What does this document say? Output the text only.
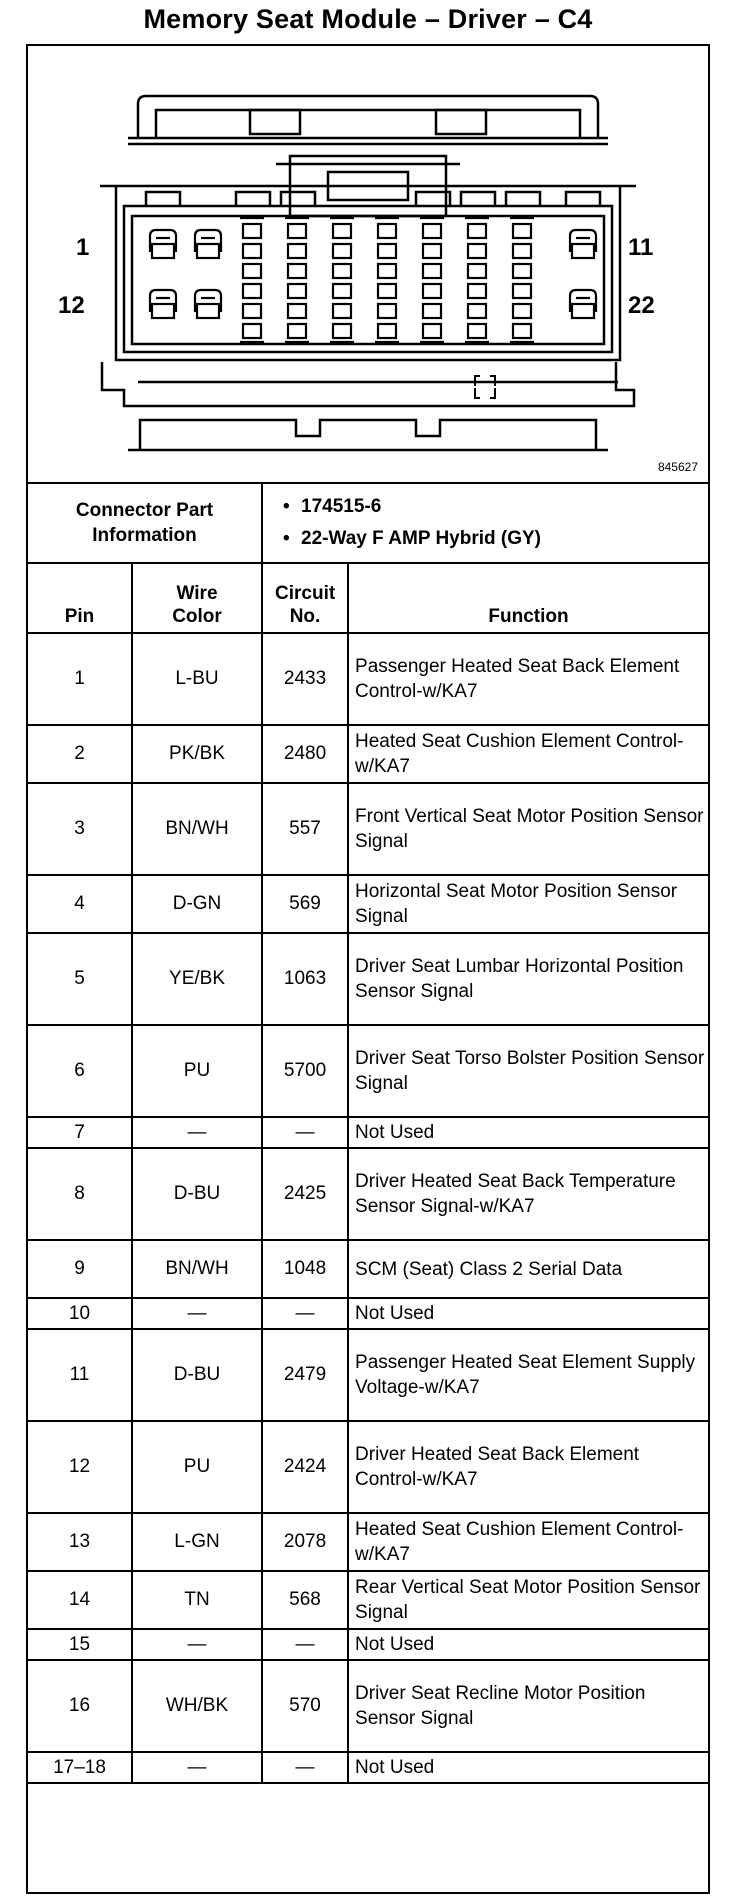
Memory Seat Module – Driver – C4
1
12
11
22
845627
Connector Part Information		• 174515-6
• 22-Way F AMP Hybrid (GY)

Pin	Wire Color	Circuit No.	Function
1	L-BU	2433	Passenger Heated Seat Back Element Control-w/KA7
2	PK/BK	2480	Heated Seat Cushion Element Control-w/KA7
3	BN/WH	557	Front Vertical Seat Motor Position Sensor Signal
4	D-GN	569	Horizontal Seat Motor Position Sensor Signal
5	YE/BK	1063	Driver Seat Lumbar Horizontal Position Sensor Signal
6	PU	5700	Driver Seat Torso Bolster Position Sensor Signal
7	—	—	Not Used
8	D-BU	2425	Driver Heated Seat Back Temperature Sensor Signal-w/KA7
9	BN/WH	1048	SCM (Seat) Class 2 Serial Data
10	—	—	Not Used
11	D-BU	2479	Passenger Heated Seat Element Supply Voltage-w/KA7
12	PU	2424	Driver Heated Seat Back Element Control-w/KA7
13	L-GN	2078	Heated Seat Cushion Element Control-w/KA7
14	TN	568	Rear Vertical Seat Motor Position Sensor Signal
15	—	—	Not Used
16	WH/BK	570	Driver Seat Recline Motor Position Sensor Signal
17–18	—	—	Not Used
